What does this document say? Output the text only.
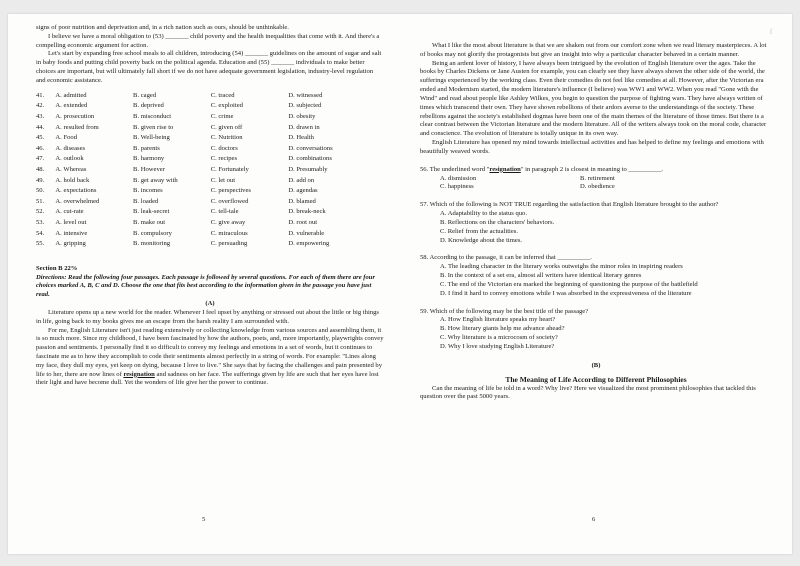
ſ

signs of poor nutrition and deprivation and, in a rich nation such as ours, should be unthinkable.

I believe we have a moral obligation to (53) _______ child poverty and the health inequalities that come with it. And there's a compelling economic argument for action.

Let's start by expanding free school meals to all children, introducing (54) _______ guidelines on the amount of sugar and salt in baby foods and putting child poverty back on the political agenda. Education and (55) _______ individuals to make better choices are important, but will ultimately fall short if we do not have adequate government legislation, industry-level regulation and economic assistance.

41.	A. admitted	B. caged	C. traced	D. witnessed
42.	A. extended	B. deprived	C. exploited	D. subjected
43.	A. prosecution	B. misconduct	C. crime	D. obesity
44.	A. resulted from	B. given rise to	C. given off	D. drawn in
45.	A. Food	B. Well-being	C. Nutrition	D. Health
46.	A. diseases	B. parents	C. doctors	D. conversations
47.	A. outlook	B. harmony	C. recipes	D. combinations
48.	A. Whereas	B. However	C. Fortunately	D. Presumably
49.	A. hold back	B. get away with	C. let out	D. add on
50.	A. expectations	B. incomes	C. perspectives	D. agendas
51.	A. overwhelmed	B. loaded	C. overflowed	D. blamed
52.	A. cut-rate	B. leak-secret	C. tell-tale	D. break-neck
53.	A. level out	B. make out	C. give away	D. root out
54.	A. intensive	B. compulsory	C. miraculous	D. vulnerable
55.	A. gripping	B. monitoring	C. persuading	D. empowering

Section B 22%

Directions: Read the following four passages. Each passage is followed by several questions. For each of them there are four choices marked A, B, C and D. Choose the one that fits best according to the information given in the passage you have just read.

(A)

Literature opens up a new world for the reader. Whenever I feel upset by anything or stressed out about the little or big things in life, going back to my books gives me an escape from the harsh reality I am surrounded with.

For me, English Literature isn't just reading extensively or collecting knowledge from various sources and assembling them, it is so much more. Since my childhood, I have been fascinated by how the authors, poets, and, more importantly, playwrights convey passion and sentiments. I personally find it so difficult to convey my feelings and emotions in a set of words, but it continues to fascinate me as to how they accomplish to code their sentiments almost perfectly in a string of words. For example: "Lines along my face, they dull my eyes, yet keep on dying, because I love to live." She says that by facing the challenges and pain presented by life to her, there are now lines of resignation and sadness on her face. The sufferings given by life are such that her eyes have lost their light and have become dull. Yet the wonders of life give her the power to continue.

5

What I like the most about literature is that we are shaken out from our comfort zone when we read literary masterpieces. A lot of books may not glorify the protagonists but give an insight into why a particular character behaved in a certain manner.

Being an ardent lover of history, I have always been intrigued by the evolution of English literature over the ages. Take the books by Charles Dickens or Jane Austen for example, you can clearly see they have always shown the other side of the world, the sufferings experienced by the working class. Even their comedies do not feel like comedies at all. However, after the Victorian era ended and Modernism started, the modern literature's influence (I believe) was WW1 and WW2. When you read "Gone with the Wind" and read about people like Ashley Wilkes, you begin to question the purpose of fighting wars. They have always written of times which transcend their own. They have shown rebellions of their ardors averse to the understandings of the society. These rebellions against the society's established dogmas have been one of the main themes of the literature of those times. But there is a clear contrast between the Victorian literature and the modern literature. All of the writers always took on the moral code, character and conscience. The evolution of literature is totally unique in its own way.

English Literature has opened my mind towards intellectual activities and has helped to define my feelings and emotions with beautifully weaved words.

56. The underlined word "resignation" in paragraph 2 is closest in meaning to __________.

A. dismission	B. retirement
C. happiness	D. obedience

57. Which of the following is NOT TRUE regarding the satisfaction that English literature brought to the author?

A. Adaptability to the status quo.

B. Reflections on the characters' behaviors.

C. Relief from the actualities.

D. Knowledge about the times.

58. According to the passage, it can be inferred that __________.

A. The leading character in the literary works outweighs the minor roles in inspiring readers

B. In the context of a set era, almost all writers have identical literary genres

C. The end of the Victorian era marked the beginning of questioning the purpose of the battlefield

D. I find it hard to convey emotions while I was absorbed in the expressiveness of the literature

59. Which of the following may be the best title of the passage?

A. How English literature speaks my heart?

B. How literary giants help me advance ahead?

C. Why literature is a microcosm of society?

D. Why I love studying English Literature?

(B)

The Meaning of Life According to Different Philosophies

Can the meaning of life be told in a word? Why live? Here we visualized the most prominent philosophies that tackled this question over the past 5000 years.

6
